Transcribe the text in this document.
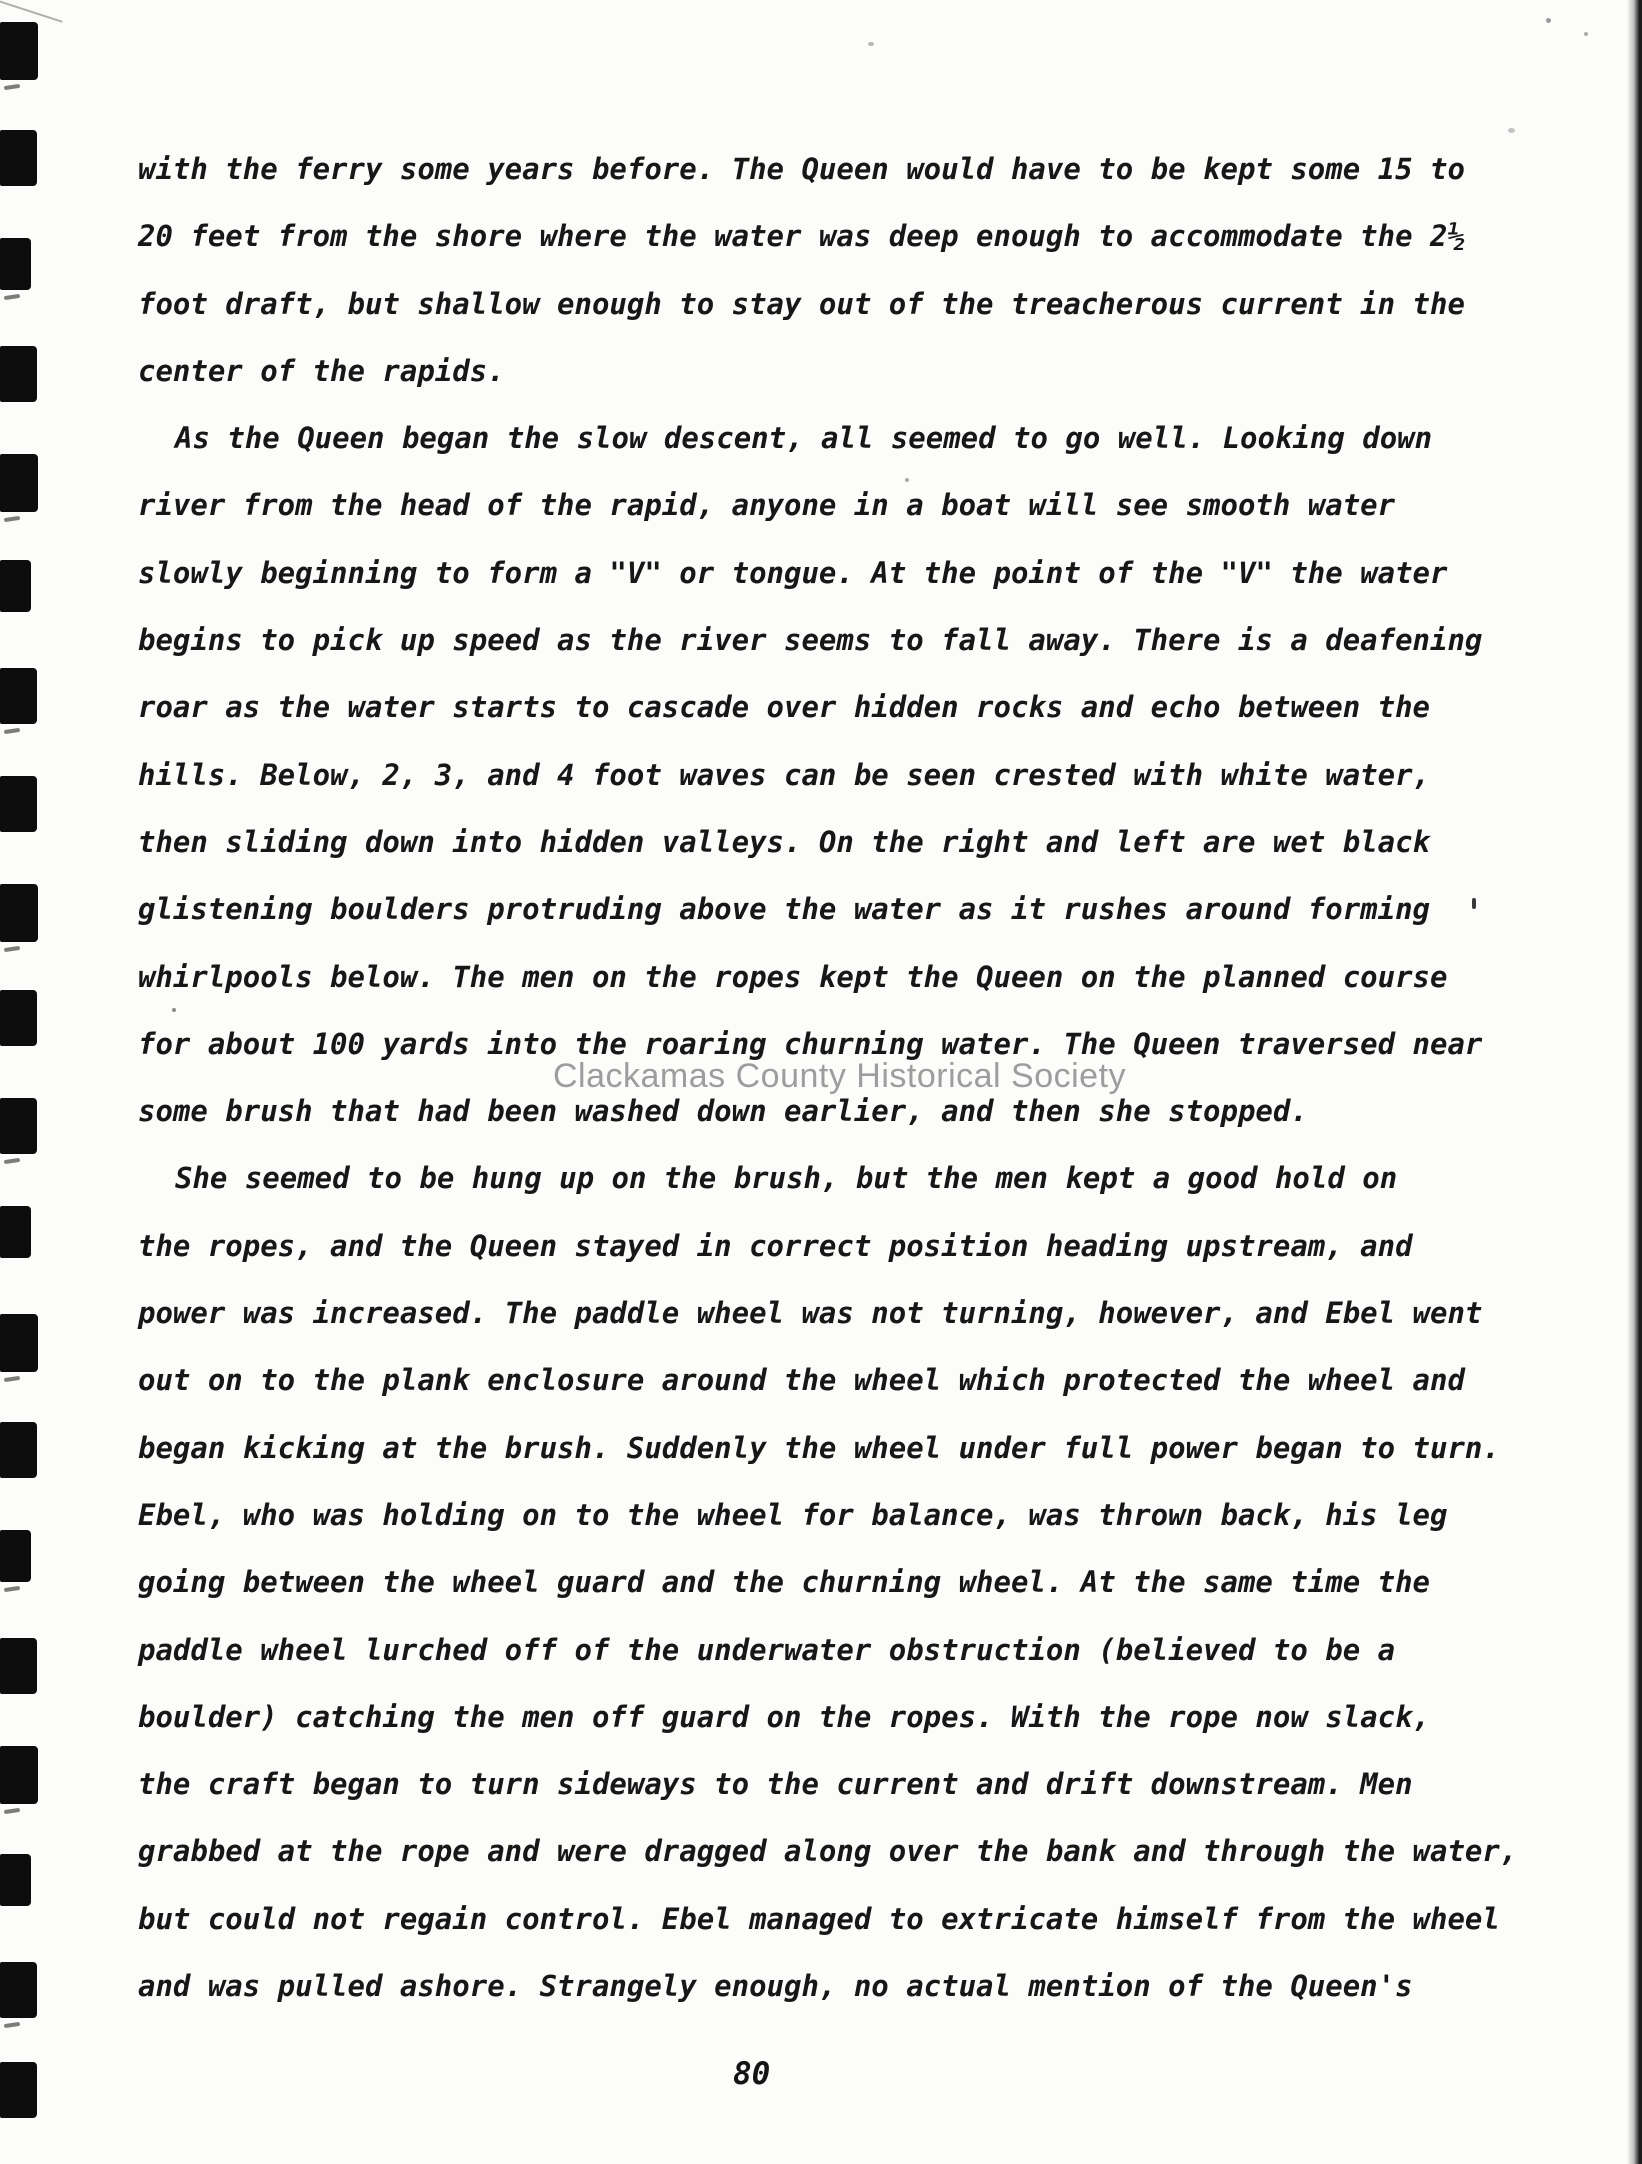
Clackamas County Historical Society
with the ferry some years before. The Queen would have to be kept some 15 to
20 feet from the shore where the water was deep enough to accommodate the 2½
foot draft, but shallow enough to stay out of the treacherous current in the
center of the rapids.
As the Queen began the slow descent, all seemed to go well. Looking down
river from the head of the rapid, anyone in a boat will see smooth water
slowly beginning to form a "V" or tongue. At the point of the "V" the water
begins to pick up speed as the river seems to fall away. There is a deafening
roar as the water starts to cascade over hidden rocks and echo between the
hills. Below, 2, 3, and 4 foot waves can be seen crested with white water,
then sliding down into hidden valleys. On the right and left are wet black
glistening boulders protruding above the water as it rushes around forming
whirlpools below. The men on the ropes kept the Queen on the planned course
for about 100 yards into the roaring churning water. The Queen traversed near
some brush that had been washed down earlier, and then she stopped.
She seemed to be hung up on the brush, but the men kept a good hold on
the ropes, and the Queen stayed in correct position heading upstream, and
power was increased. The paddle wheel was not turning, however, and Ebel went
out on to the plank enclosure around the wheel which protected the wheel and
began kicking at the brush. Suddenly the wheel under full power began to turn.
Ebel, who was holding on to the wheel for balance, was thrown back, his leg
going between the wheel guard and the churning wheel. At the same time the
paddle wheel lurched off of the underwater obstruction (believed to be a
boulder) catching the men off guard on the ropes. With the rope now slack,
the craft began to turn sideways to the current and drift downstream. Men
grabbed at the rope and were dragged along over the bank and through the water,
but could not regain control. Ebel managed to extricate himself from the wheel
and was pulled ashore. Strangely enough, no actual mention of the Queen's
80
